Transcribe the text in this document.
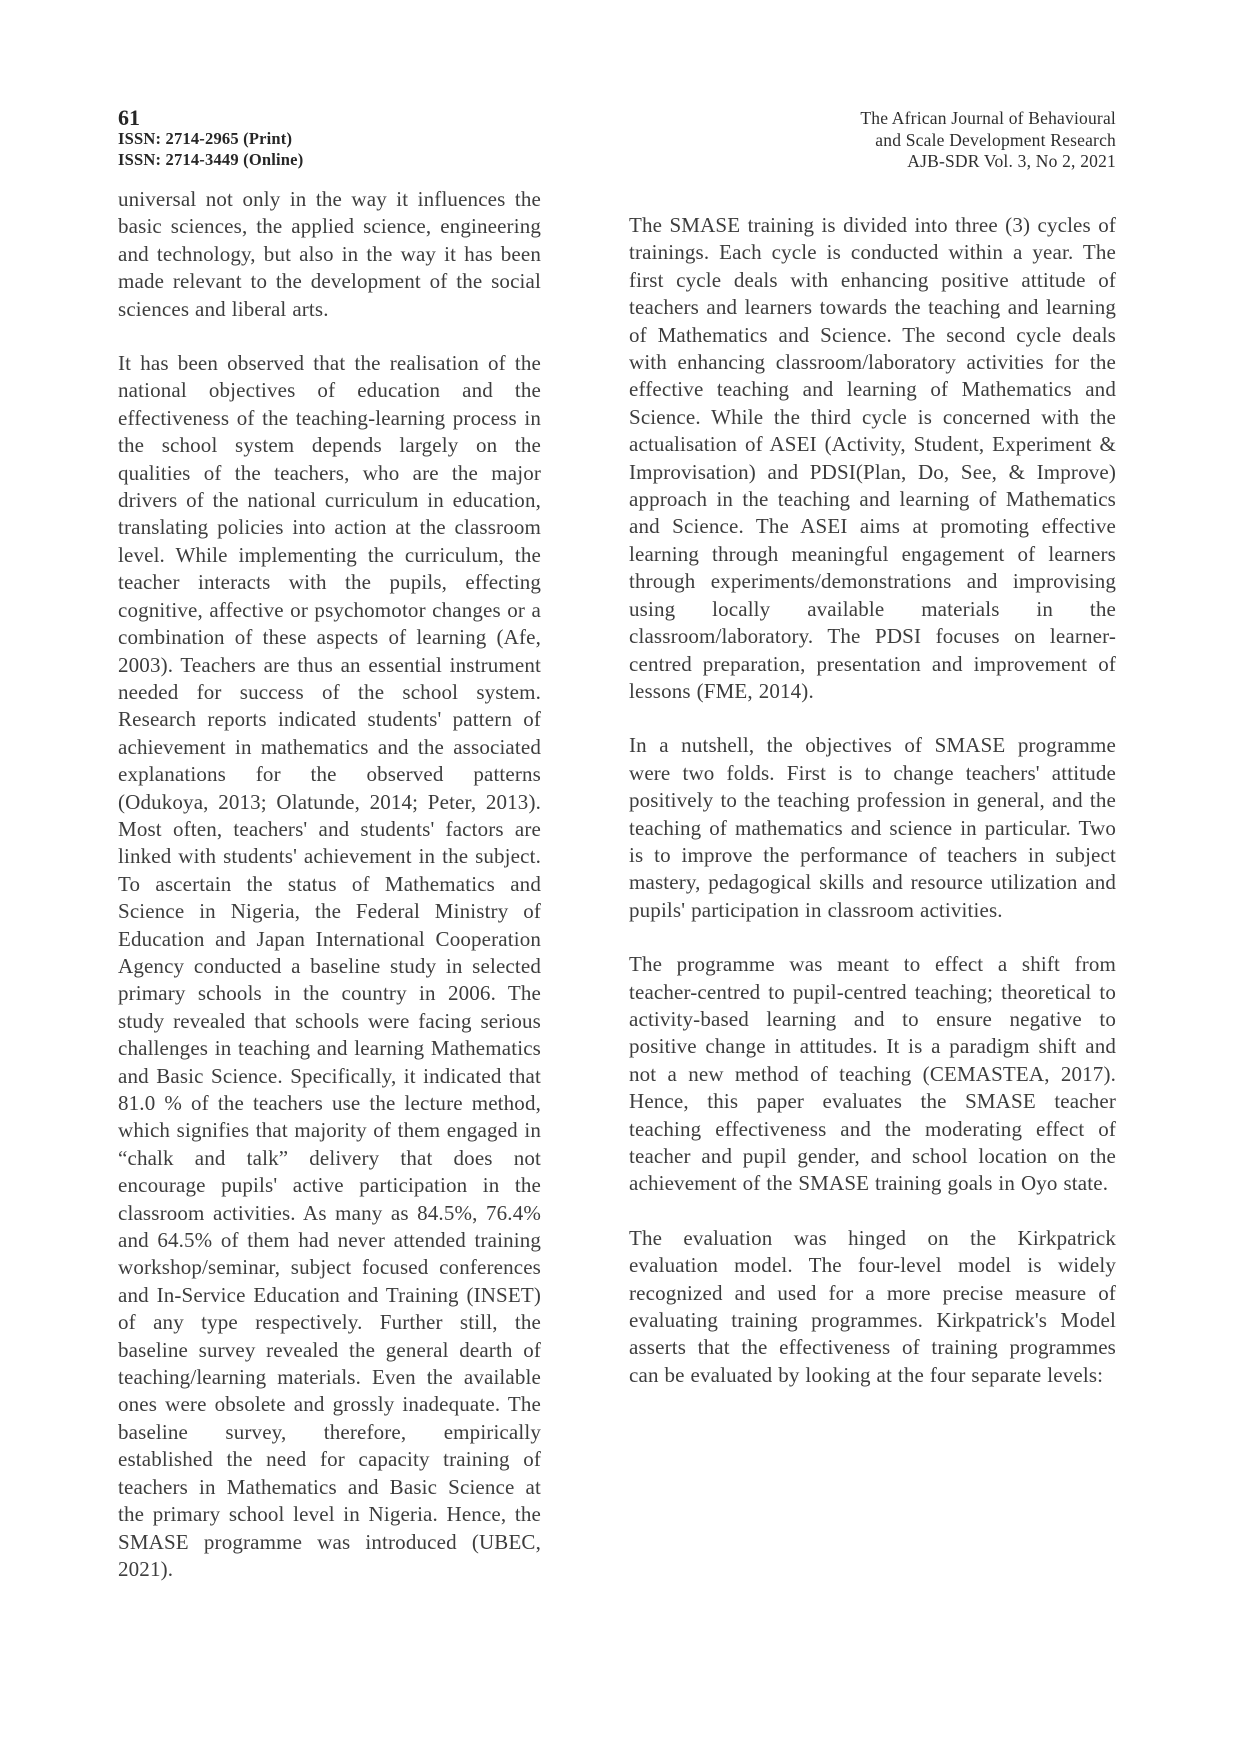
61
ISSN: 2714-2965 (Print)
ISSN: 2714-3449 (Online)
The African Journal of Behavioural
and Scale Development Research
AJB-SDR Vol. 3, No 2, 2021

universal not only in the way it influences the basic sciences, the applied science, engineering and technology, but also in the way it has been made relevant to the development of the social sciences and liberal arts.

It has been observed that the realisation of the national objectives of education and the effectiveness of the teaching-learning process in the school system depends largely on the qualities of the teachers, who are the major drivers of the national curriculum in education, translating policies into action at the classroom level. While implementing the curriculum, the teacher interacts with the pupils, effecting cognitive, affective or psychomotor changes or a combination of these aspects of learning (Afe, 2003). Teachers are thus an essential instrument needed for success of the school system. Research reports indicated students' pattern of achievement in mathematics and the associated explanations for the observed patterns (Odukoya, 2013; Olatunde, 2014; Peter, 2013). Most often, teachers' and students' factors are linked with students' achievement in the subject. To ascertain the status of Mathematics and Science in Nigeria, the Federal Ministry of Education and Japan International Cooperation Agency conducted a baseline study in selected primary schools in the country in 2006. The study revealed that schools were facing serious challenges in teaching and learning Mathematics and Basic Science. Specifically, it indicated that 81.0 % of the teachers use the lecture method, which signifies that majority of them engaged in “chalk and talk” delivery that does not encourage pupils' active participation in the classroom activities. As many as 84.5%, 76.4% and 64.5% of them had never attended training workshop/seminar, subject focused conferences and In-Service Education and Training (INSET) of any type respectively. Further still, the baseline survey revealed the general dearth of teaching/learning materials. Even the available ones were obsolete and grossly inadequate. The baseline survey, therefore, empirically established the need for capacity training of teachers in Mathematics and Basic Science at the primary school level in Nigeria. Hence, the SMASE programme was introduced (UBEC, 2021).

The SMASE training is divided into three (3) cycles of trainings. Each cycle is conducted within a year. The first cycle deals with enhancing positive attitude of teachers and learners towards the teaching and learning of Mathematics and Science. The second cycle deals with enhancing classroom/laboratory activities for the effective teaching and learning of Mathematics and Science. While the third cycle is concerned with the actualisation of ASEI (Activity, Student, Experiment & Improvisation) and PDSI(Plan, Do, See, & Improve) approach in the teaching and learning of Mathematics and Science. The ASEI aims at promoting effective learning through meaningful engagement of learners through experiments/demonstrations and improvising using locally available materials in the classroom/laboratory. The PDSI focuses on learner-centred preparation, presentation and improvement of lessons (FME, 2014).

In a nutshell, the objectives of SMASE programme were two folds. First is to change teachers' attitude positively to the teaching profession in general, and the teaching of mathematics and science in particular. Two is to improve the performance of teachers in subject mastery, pedagogical skills and resource utilization and pupils' participation in classroom activities.

The programme was meant to effect a shift from teacher-centred to pupil-centred teaching; theoretical to activity-based learning and to ensure negative to positive change in attitudes. It is a paradigm shift and not a new method of teaching (CEMASTEA, 2017). Hence, this paper evaluates the SMASE teacher teaching effectiveness and the moderating effect of teacher and pupil gender, and school location on the achievement of the SMASE training goals in Oyo state.

The evaluation was hinged on the Kirkpatrick evaluation model. The four-level model is widely recognized and used for a more precise measure of evaluating training programmes. Kirkpatrick's Model asserts that the effectiveness of training programmes can be evaluated by looking at the four separate levels:
